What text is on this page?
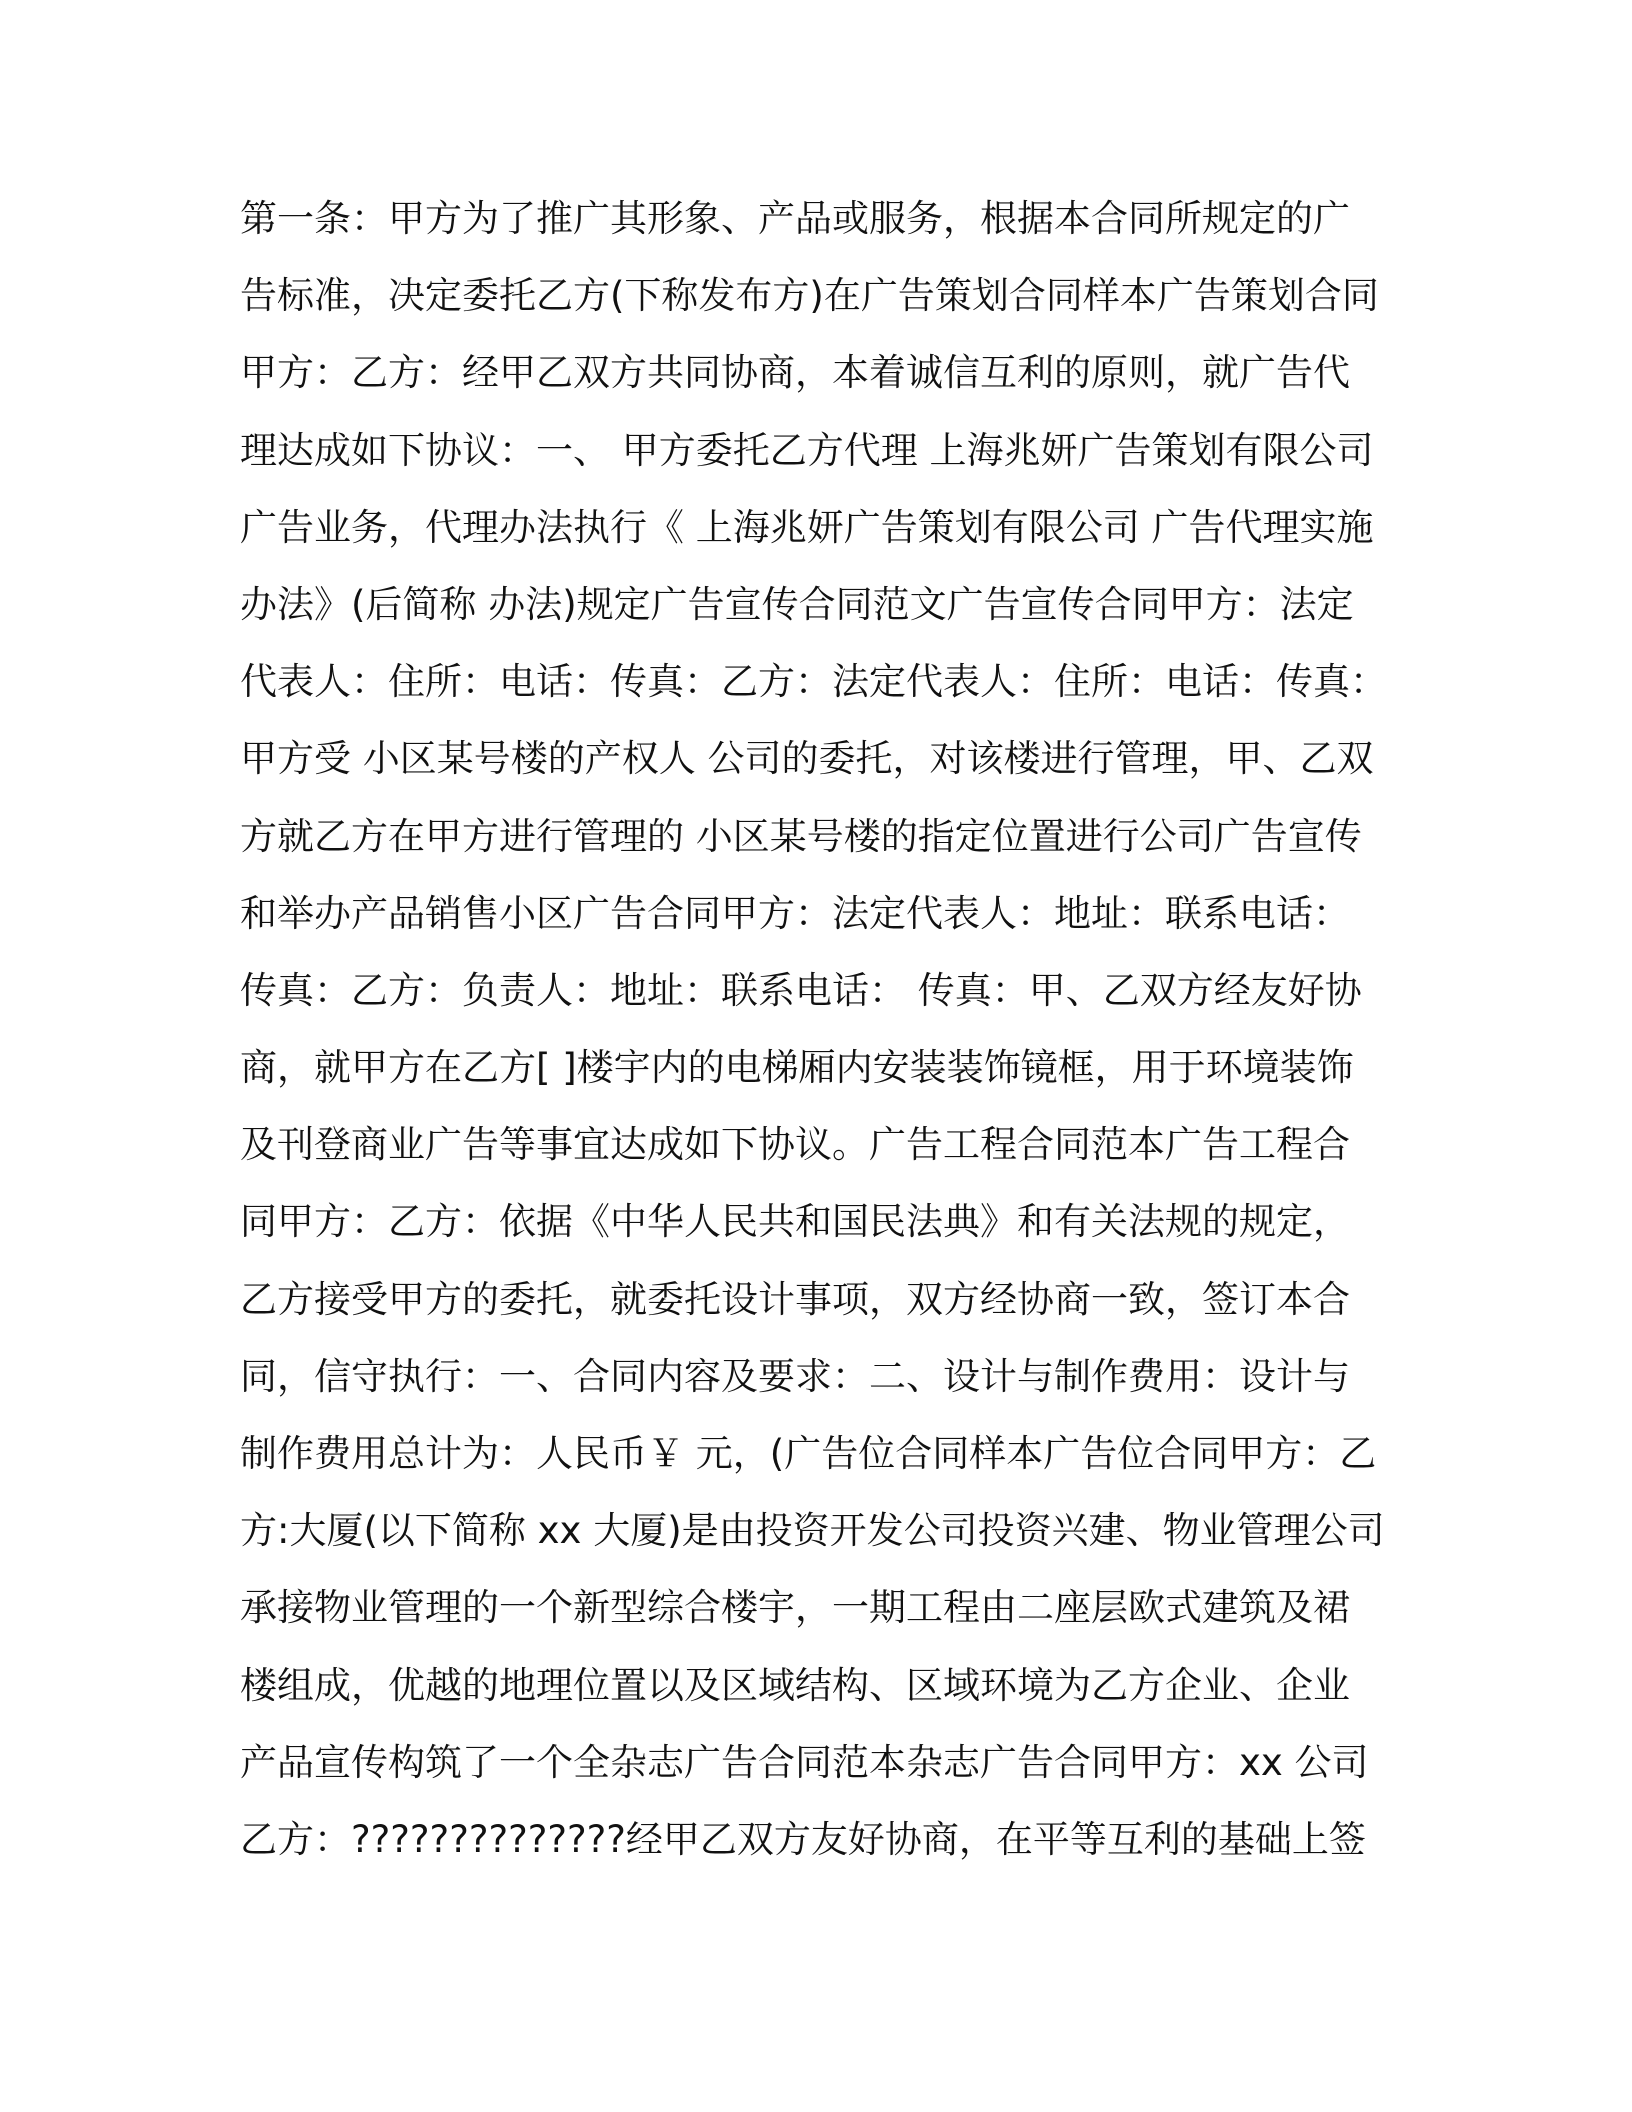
第一条：甲方为了推广其形象、产品或服务，根据本合同所规定的广
告标准，决定委托乙方(下称发布方)在广告策划合同样本广告策划合同
甲方：乙方：经甲乙双方共同协商，本着诚信互利的原则，就广告代
理达成如下协议：一、 甲方委托乙方代理 上海兆妍广告策划有限公司
广告业务，代理办法执行《 上海兆妍广告策划有限公司 广告代理实施
办法》(后简称 办法)规定广告宣传合同范文广告宣传合同甲方：法定
代表人：住所：电话：传真：乙方：法定代表人：住所：电话：传真：
甲方受 小区某号楼的产权人 公司的委托，对该楼进行管理，甲、乙双
方就乙方在甲方进行管理的 小区某号楼的指定位置进行公司广告宣传
和举办产品销售小区广告合同甲方：法定代表人：地址：联系电话：
传真：乙方：负责人：地址：联系电话： 传真：甲、乙双方经友好协
商，就甲方在乙方[ ]楼宇内的电梯厢内安装装饰镜框，用于环境装饰
及刊登商业广告等事宜达成如下协议。广告工程合同范本广告工程合
同甲方：乙方：依据《中华人民共和国民法典》和有关法规的规定，
乙方接受甲方的委托，就委托设计事项，双方经协商一致，签订本合
同，信守执行：一、合同内容及要求：二、设计与制作费用：设计与
制作费用总计为：人民币￥ 元，(广告位合同样本广告位合同甲方：乙
方:大厦(以下简称 xx 大厦)是由投资开发公司投资兴建、物业管理公司
承接物业管理的一个新型综合楼宇，一期工程由二座层欧式建筑及裙
楼组成，优越的地理位置以及区域结构、区域环境为乙方企业、企业
产品宣传构筑了一个全杂志广告合同范本杂志广告合同甲方：xx 公司
乙方：??????????????经甲乙双方友好协商，在平等互利的基础上签
